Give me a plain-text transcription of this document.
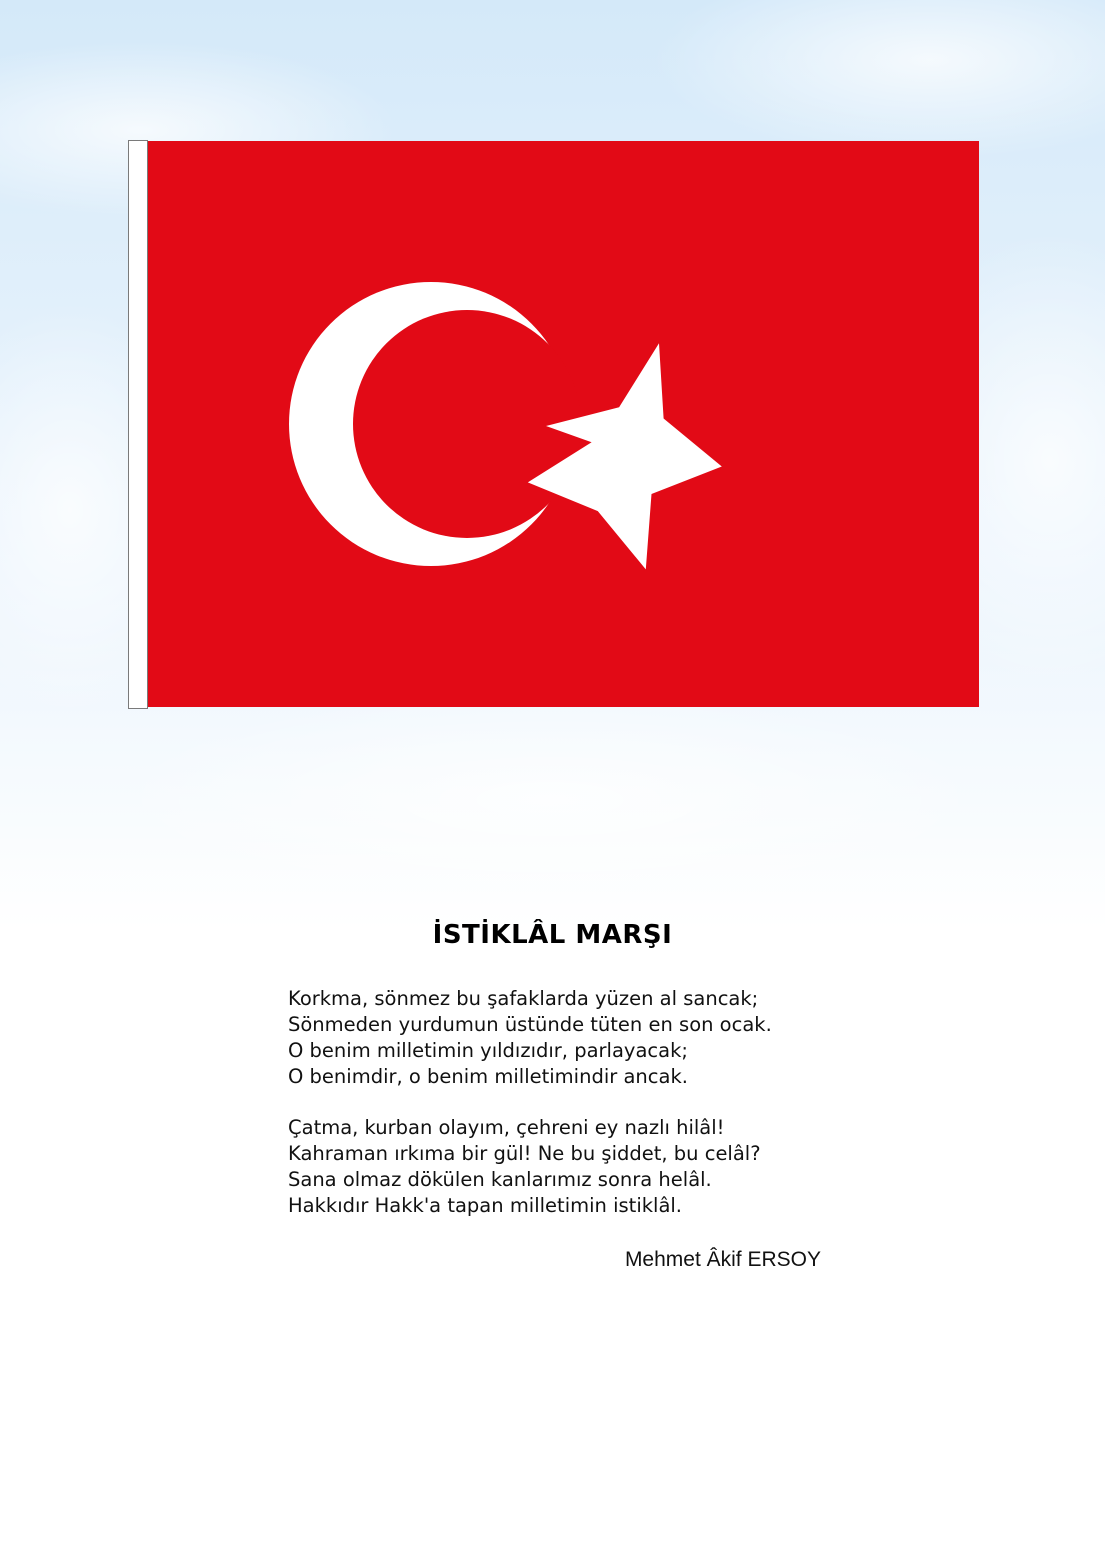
İSTİKLÂL MARŞI
Korkma, sönmez bu şafaklarda yüzen al sancak;
Sönmeden yurdumun üstünde tüten en son ocak.
O benim milletimin yıldızıdır, parlayacak;
O benimdir, o benim milletimindir ancak.
Çatma, kurban olayım, çehreni ey nazlı hilâl!
Kahraman ırkıma bir gül! Ne bu şiddet, bu celâl?
Sana olmaz dökülen kanlarımız sonra helâl.
Hakkıdır Hakk'a tapan milletimin istiklâl.
Mehmet Âkif ERSOY
